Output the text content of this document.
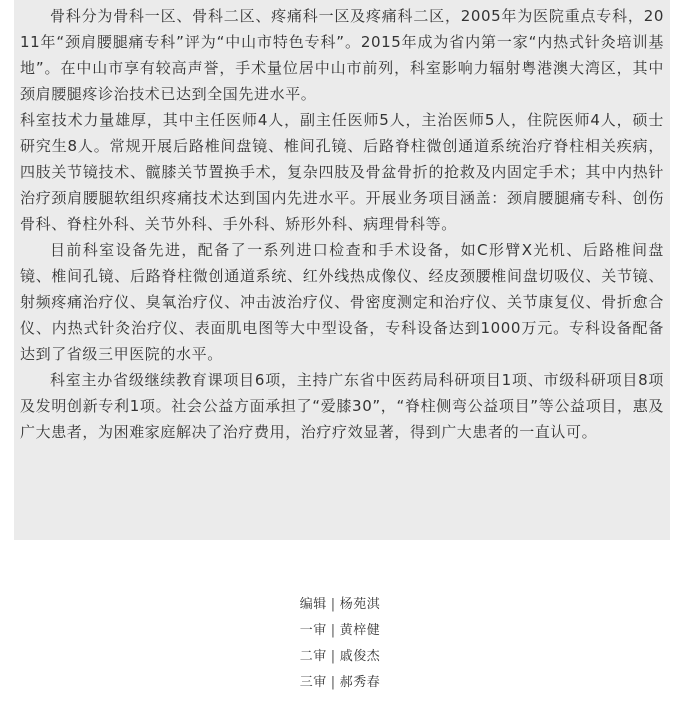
骨科分为骨科一区、骨科二区、疼痛科一区及疼痛科二区，2005年为医院重点专科，2011年“颈肩腰腿痛专科”评为“中山市特色专科”。2015年成为省内第一家“内热式针灸培训基地”。在中山市享有较高声誉，手术量位居中山市前列，科室影响力辐射粤港澳大湾区，其中颈肩腰腿疼诊治技术已达到全国先进水平。

科室技术力量雄厚，其中主任医师4人，副主任医师5人，主治医师5人，住院医师4人，硕士研究生8人。常规开展后路椎间盘镜、椎间孔镜、后路脊柱微创通道系统治疗脊柱相关疾病，四肢关节镜技术、髋膝关节置换手术，复杂四肢及骨盆骨折的抢救及内固定手术；其中内热针治疗颈肩腰腿软组织疼痛技术达到国内先进水平。开展业务项目涵盖：颈肩腰腿痛专科、创伤骨科、脊柱外科、关节外科、手外科、矫形外科、病理骨科等。

目前科室设备先进，配备了一系列进口检查和手术设备，如C形臂X光机、后路椎间盘镜、椎间孔镜、后路脊柱微创通道系统、红外线热成像仪、经皮颈腰椎间盘切吸仪、关节镜、射频疼痛治疗仪、臭氧治疗仪、冲击波治疗仪、骨密度测定和治疗仪、关节康复仪、骨折愈合仪、内热式针灸治疗仪、表面肌电图等大中型设备，专科设备达到1000万元。专科设备配备达到了省级三甲医院的水平。

科室主办省级继续教育课项目6项，主持广东省中医药局科研项目1项、市级科研项目8项及发明创新专利1项。社会公益方面承担了“爱膝30”，“脊柱侧弯公益项目”等公益项目，惠及广大患者，为困难家庭解决了治疗费用，治疗疗效显著，得到广大患者的一直认可。

编辑 | 杨苑淇
一审 | 黄梓健
二审 | 戚俊杰
三审 | 郝秀春
